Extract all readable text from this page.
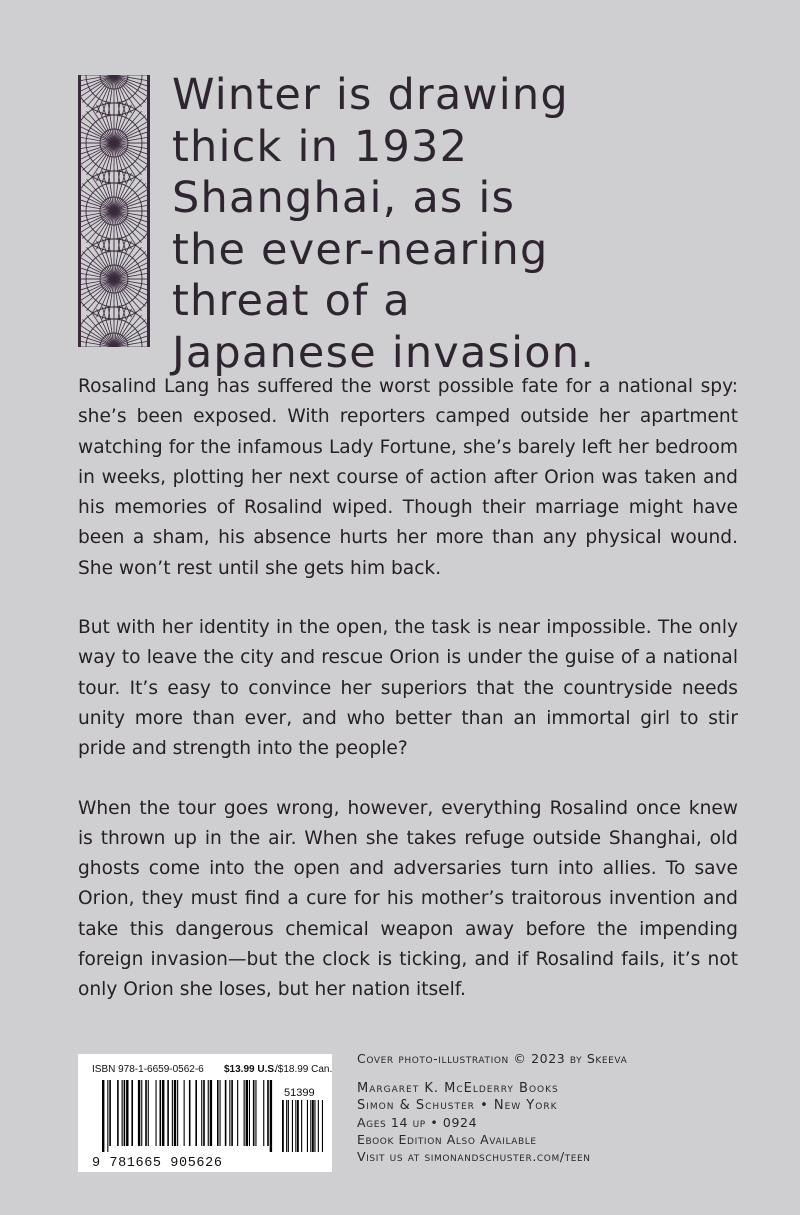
Winter is drawing
thick in 1932
Shanghai, as is
the ever-nearing
threat of a
Japanese invasion.

Rosalind Lang has suffered the worst possible fate for a national spy: she’s been exposed. With reporters camped outside her apartment watching for the infamous Lady Fortune, she’s barely left her bedroom in weeks, plotting her next course of action after Orion was taken and his memories of Rosalind wiped. Though their marriage might have been a sham, his absence hurts her more than any physical wound. She won’t rest until she gets him back.

But with her identity in the open, the task is near impossible. The only way to leave the city and rescue Orion is under the guise of a national tour. It’s easy to convince her superiors that the countryside needs unity more than ever, and who better than an immortal girl to stir pride and strength into the people?

When the tour goes wrong, however, everything Rosalind once knew is thrown up in the air. When she takes refuge outside Shanghai, old ghosts come into the open and adversaries turn into allies. To save Orion, they must find a cure for his mother’s traitorous invention and take this dangerous chemical weapon away before the impending foreign invasion—but the clock is ticking, and if Rosalind fails, it’s not only Orion she loses, but her nation itself.

ISBN 978-1-6659-0562-6 $13.99 U.S.
/$18.99 Can.
51399
9 781665 905626
Cover photo-illustration © 2023 by Skeeva
Margaret K. McElderry Books
Simon & Schuster • New York
Ages 14 up • 0924
Ebook Edition Also Available
Visit us at simonandschuster.com/teen
